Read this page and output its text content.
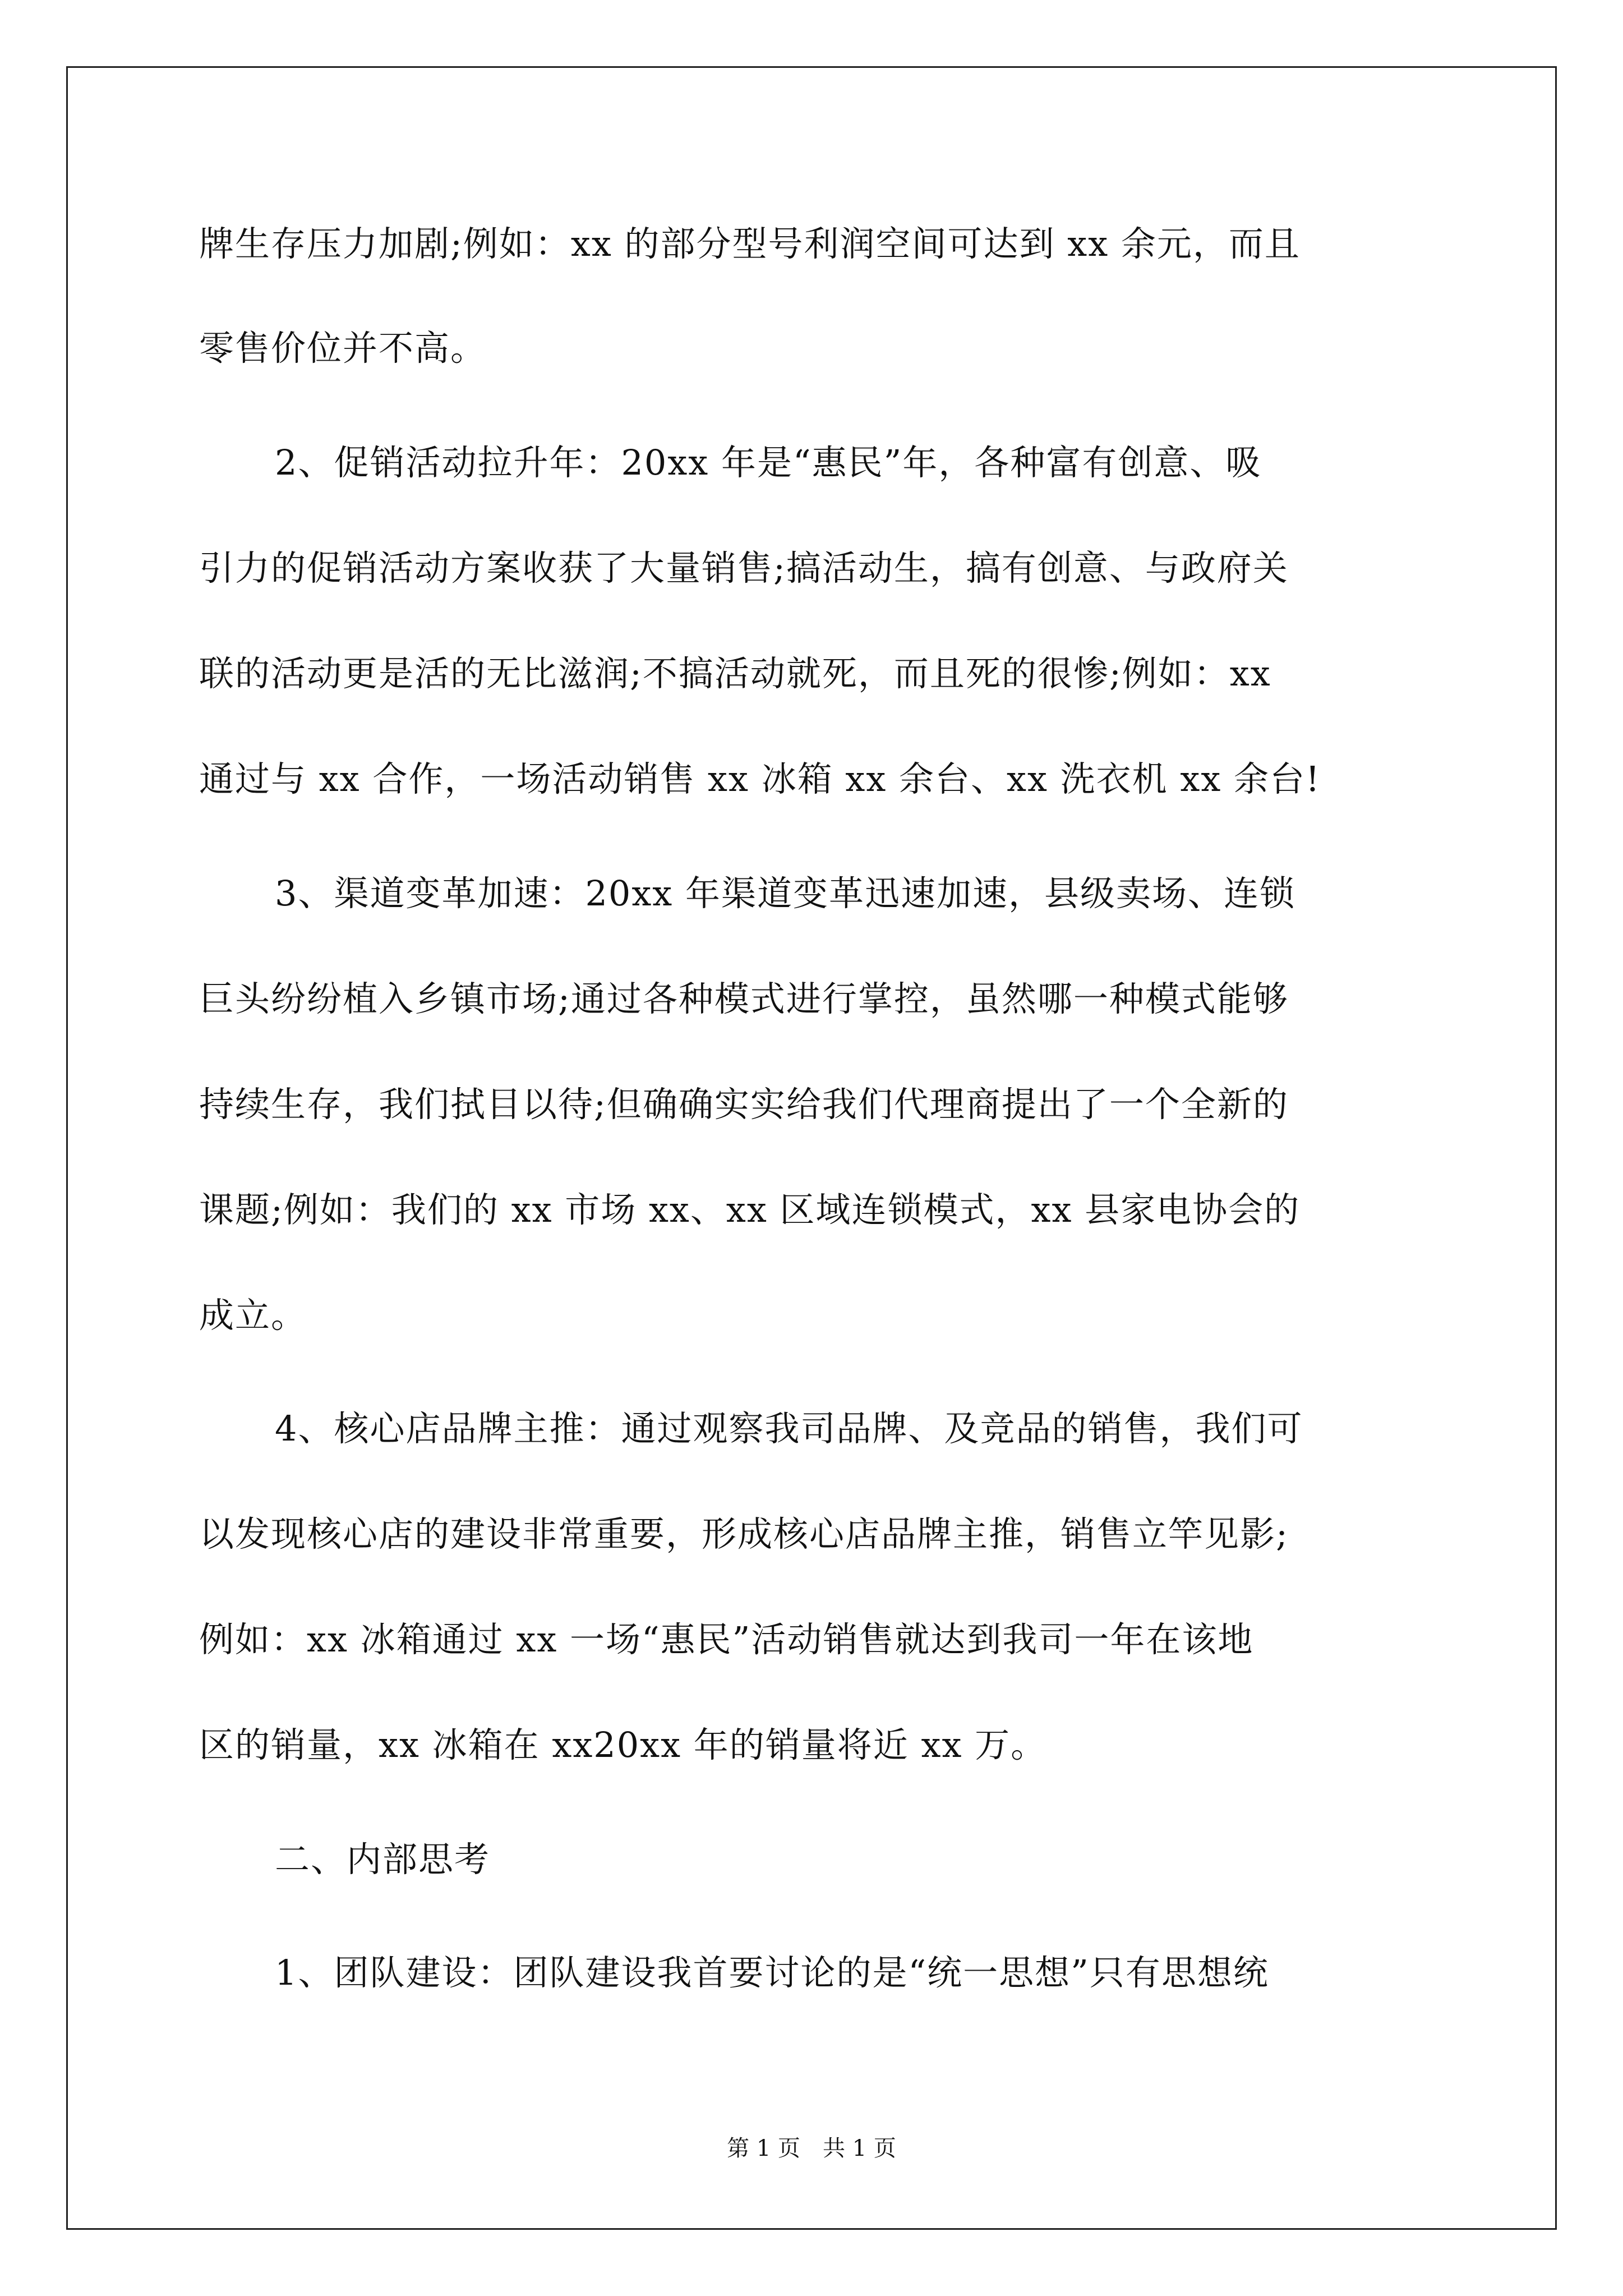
牌生存压力加剧;例如：xx 的部分型号利润空间可达到 xx 余元，而且
零售价位并不高。
2、促销活动拉升年：20xx 年是“惠民”年，各种富有创意、吸
引力的促销活动方案收获了大量销售;搞活动生，搞有创意、与政府关
联的活动更是活的无比滋润;不搞活动就死，而且死的很惨;例如：xx
通过与 xx 合作，一场活动销售 xx 冰箱 xx 余台、xx 洗衣机 xx 余台!
3、渠道变革加速：20xx 年渠道变革迅速加速，县级卖场、连锁
巨头纷纷植入乡镇市场;通过各种模式进行掌控，虽然哪一种模式能够
持续生存，我们拭目以待;但确确实实给我们代理商提出了一个全新的
课题;例如：我们的 xx 市场 xx、xx 区域连锁模式，xx 县家电协会的
成立。
4、核心店品牌主推：通过观察我司品牌、及竞品的销售，我们可
以发现核心店的建设非常重要，形成核心店品牌主推，销售立竿见影;
例如：xx 冰箱通过 xx 一场“惠民”活动销售就达到我司一年在该地
区的销量，xx 冰箱在 xx20xx 年的销量将近 xx 万。
二、内部思考
1、团队建设：团队建设我首要讨论的是“统一思想”只有思想统
第 1 页　共 1 页
